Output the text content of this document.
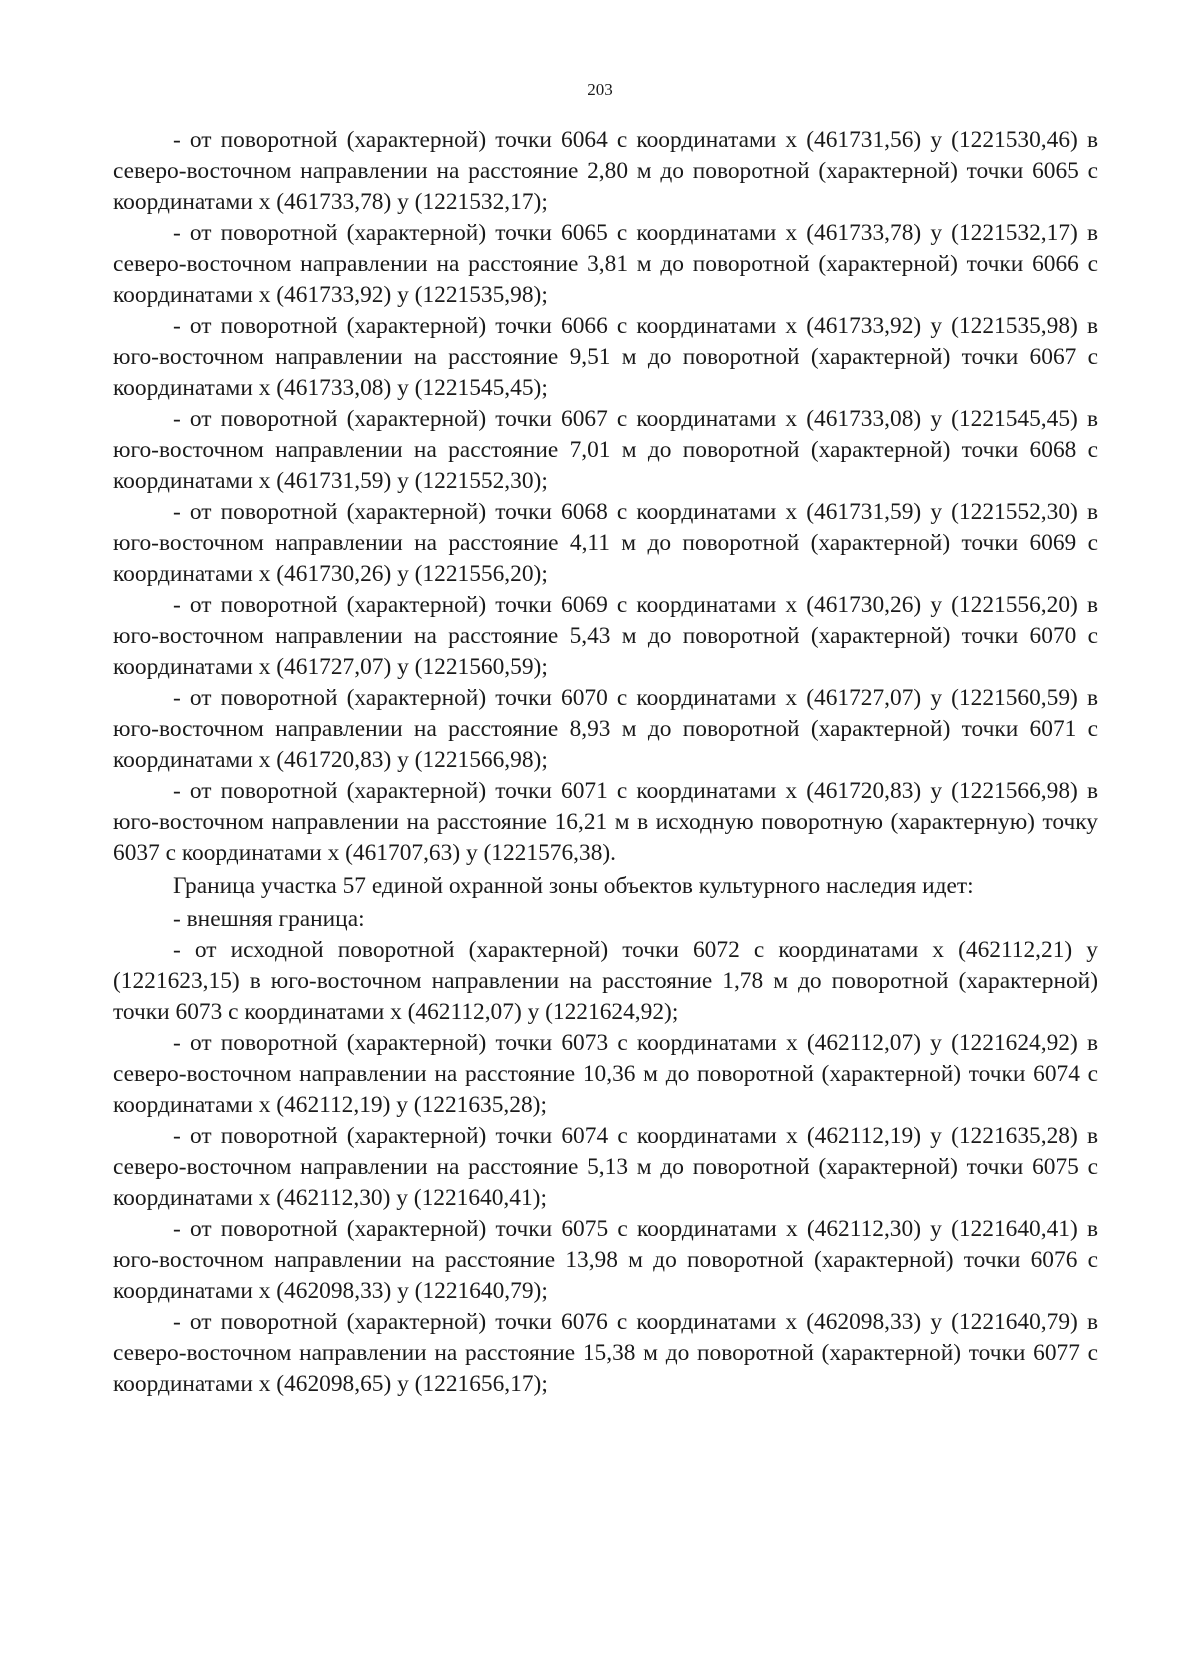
203

- от поворотной (характерной) точки 6064 с координатами х (461731,56) у (1221530,46) в северо-восточном направлении на расстояние 2,80 м до поворотной (характерной) точки 6065 с координатами х (461733,78) у (1221532,17);

- от поворотной (характерной) точки 6065 с координатами х (461733,78) у (1221532,17) в северо-восточном направлении на расстояние 3,81 м до поворотной (характерной) точки 6066 с координатами х (461733,92) у (1221535,98);

- от поворотной (характерной) точки 6066 с координатами х (461733,92) у (1221535,98) в юго-восточном направлении на расстояние 9,51 м до поворотной (характерной) точки 6067 с координатами х (461733,08) у (1221545,45);

- от поворотной (характерной) точки 6067 с координатами х (461733,08) у (1221545,45) в юго-восточном направлении на расстояние 7,01 м до поворотной (характерной) точки 6068 с координатами х (461731,59) у (1221552,30);

- от поворотной (характерной) точки 6068 с координатами х (461731,59) у (1221552,30) в юго-восточном направлении на расстояние 4,11 м до поворотной (характерной) точки 6069 с координатами х (461730,26) у (1221556,20);

- от поворотной (характерной) точки 6069 с координатами х (461730,26) у (1221556,20) в юго-восточном направлении на расстояние 5,43 м до поворотной (характерной) точки 6070 с координатами х (461727,07) у (1221560,59);

- от поворотной (характерной) точки 6070 с координатами х (461727,07) у (1221560,59) в юго-восточном направлении на расстояние 8,93 м до поворотной (характерной) точки 6071 с координатами х (461720,83) у (1221566,98);

- от поворотной (характерной) точки 6071 с координатами х (461720,83) у (1221566,98) в юго-восточном направлении на расстояние 16,21 м в исходную поворотную (характерную) точку 6037 с координатами х (461707,63) у (1221576,38).

Граница участка 57 единой охранной зоны объектов культурного наследия идет:

- внешняя граница:

- от исходной поворотной (характерной) точки 6072 с координатами х (462112,21) у (1221623,15) в юго-восточном направлении на расстояние 1,78 м до поворотной (характерной) точки 6073 с координатами х (462112,07) у (1221624,92);

- от поворотной (характерной) точки 6073 с координатами х (462112,07) у (1221624,92) в северо-восточном направлении на расстояние 10,36 м до поворотной (характерной) точки 6074 с координатами х (462112,19) у (1221635,28);

- от поворотной (характерной) точки 6074 с координатами х (462112,19) у (1221635,28) в северо-восточном направлении на расстояние 5,13 м до поворотной (характерной) точки 6075 с координатами х (462112,30) у (1221640,41);

- от поворотной (характерной) точки 6075 с координатами х (462112,30) у (1221640,41) в юго-восточном направлении на расстояние 13,98 м до поворотной (характерной) точки 6076 с координатами х (462098,33) у (1221640,79);

- от поворотной (характерной) точки 6076 с координатами х (462098,33) у (1221640,79) в северо-восточном направлении на расстояние 15,38 м до поворотной (характерной) точки 6077 с координатами х (462098,65) у (1221656,17);
